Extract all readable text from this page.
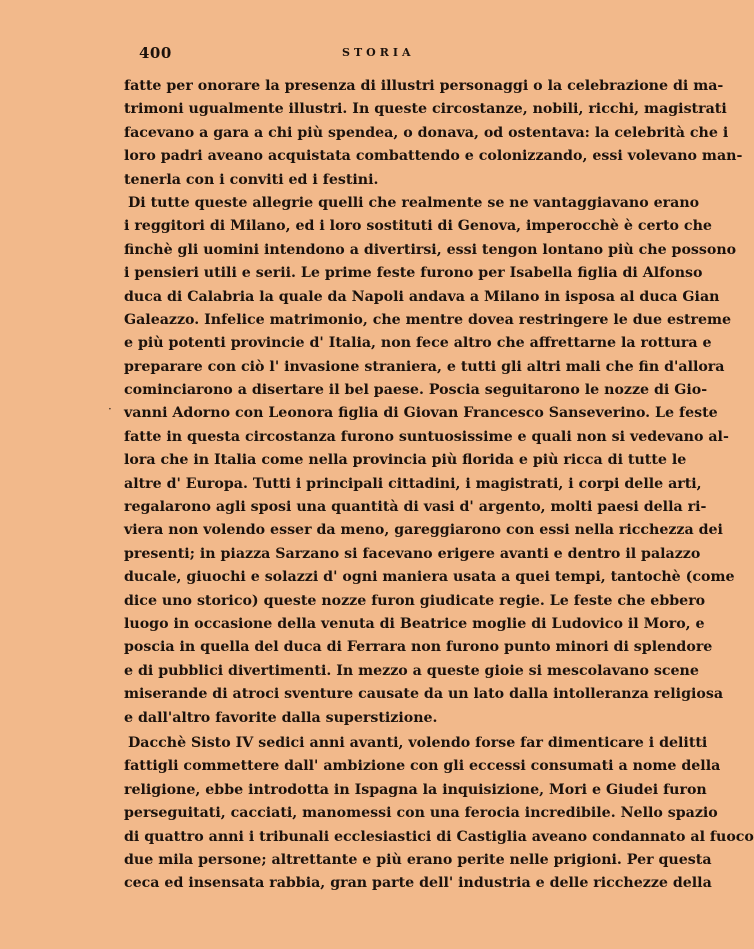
400	STORIA
fatte per onorare la presenza di illustri personaggi o la celebrazione di ma-
trimoni ugualmente illustri. In queste circostanze, nobili, ricchi, magistrati
facevano a gara a chi più spendea, o donava, od ostentava: la celebrità che i
loro padri aveano acquistata combattendo e colonizzando, essi volevano man-
tenerla con i conviti ed i festini.
Di tutte queste allegrie quelli che realmente se ne vantaggiavano erano
i reggitori di Milano, ed i loro sostituti di Genova, imperocchè è certo che
finchè gli uomini intendono a divertirsi, essi tengon lontano più che possono
i pensieri utili e serii. Le prime feste furono per Isabella figlia di Alfonso
duca di Calabria la quale da Napoli andava a Milano in isposa al duca Gian
Galeazzo. Infelice matrimonio, che mentre dovea restringere le due estreme
e più potenti provincie d' Italia, non fece altro che affrettarne la rottura e
preparare con ciò l' invasione straniera, e tutti gli altri mali che fin d'allora
cominciarono a disertare il bel paese. Poscia seguitarono le nozze di Gio-
vanni Adorno con Leonora figlia di Giovan Francesco Sanseverino. Le feste
fatte in questa circostanza furono suntuosissime e quali non si vedevano al-
lora che in Italia come nella provincia più florida e più ricca di tutte le
altre d' Europa. Tutti i principali cittadini, i magistrati, i corpi delle arti,
regalarono agli sposi una quantità di vasi d' argento, molti paesi della ri-
viera non volendo esser da meno, gareggiarono con essi nella ricchezza dei
presenti; in piazza Sarzano si facevano erigere avanti e dentro il palazzo
ducale, giuochi e solazzi d' ogni maniera usata a quei tempi, tantochè (come
dice uno storico) queste nozze furon giudicate regie. Le feste che ebbero
luogo in occasione della venuta di Beatrice moglie di Ludovico il Moro, e
poscia in quella del duca di Ferrara non furono punto minori di splendore
e di pubblici divertimenti. In mezzo a queste gioie si mescolavano scene
miserande di atroci sventure causate da un lato dalla intolleranza religiosa
e dall'altro favorite dalla superstizione.
Dacchè Sisto IV sedici anni avanti, volendo forse far dimenticare i delitti
fattigli commettere dall' ambizione con gli eccessi consumati a nome della
religione, ebbe introdotta in Ispagna la inquisizione, Mori e Giudei furon
perseguitati, cacciati, manomessi con una ferocia incredibile. Nello spazio
di quattro anni i tribunali ecclesiastici di Castiglia aveano condannato al fuoco
due mila persone; altrettante e più erano perite nelle prigioni. Per questa
ceca ed insensata rabbia, gran parte dell' industria e delle ricchezze della
·
